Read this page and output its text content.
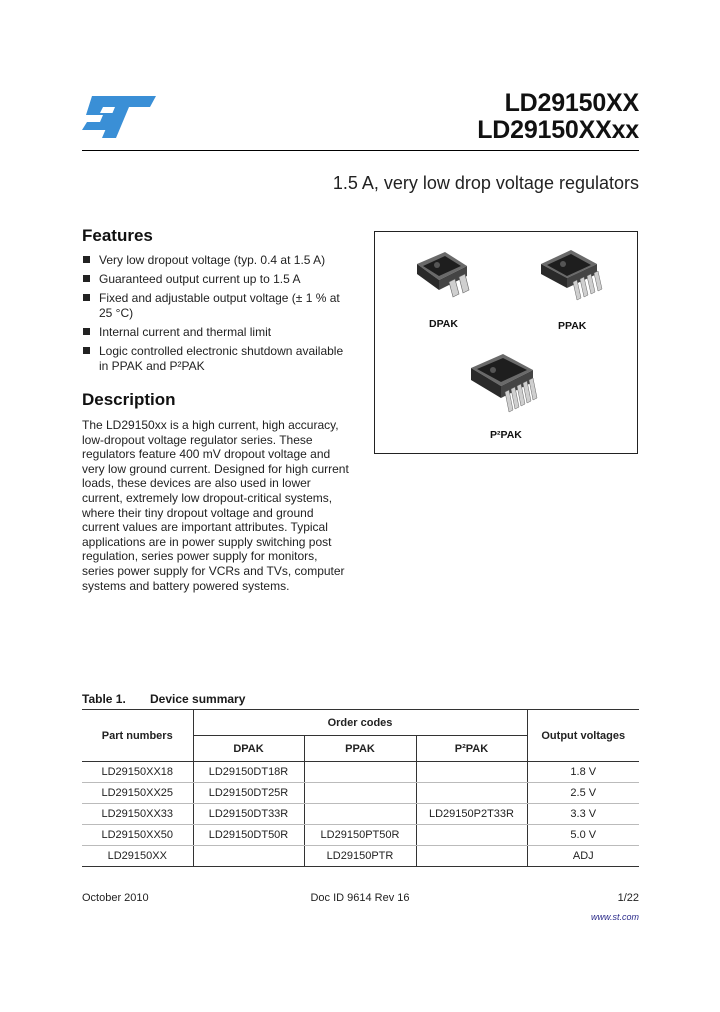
LD29150XX
LD29150XXxx
1.5 A, very low drop voltage regulators
Features
Very low dropout voltage (typ. 0.4 at 1.5 A)
Guaranteed output current up to 1.5 A
Fixed and adjustable output voltage (± 1 % at 25 °C)
Internal current and thermal limit
Logic controlled electronic shutdown available in PPAK and P²PAK
Description
The LD29150xx is a high current, high accuracy, low-dropout voltage regulator series. These regulators feature 400 mV dropout voltage and very low ground current. Designed for high current loads, these devices are also used in lower current, extremely low dropout-critical systems, where their tiny dropout voltage and ground current values are important attributes. Typical applications are in power supply switching post regulation, series power supply for monitors, series power supply for VCRs and TVs, computer systems and battery powered systems.
DPAK	PPAK
P²PAK
Table 1. Device summary
Part numbers	Order codes			Output voltages
	DPAK	PPAK	P²PAK	
LD29150XX18	LD29150DT18R			1.8 V
LD29150XX25	LD29150DT25R			2.5 V
LD29150XX33	LD29150DT33R		LD29150P2T33R	3.3 V
LD29150XX50	LD29150DT50R	LD29150PT50R		5.0 V
LD29150XX		LD29150PTR		ADJ
October 2010	Doc ID 9614 Rev 16	1/22
www.st.com
